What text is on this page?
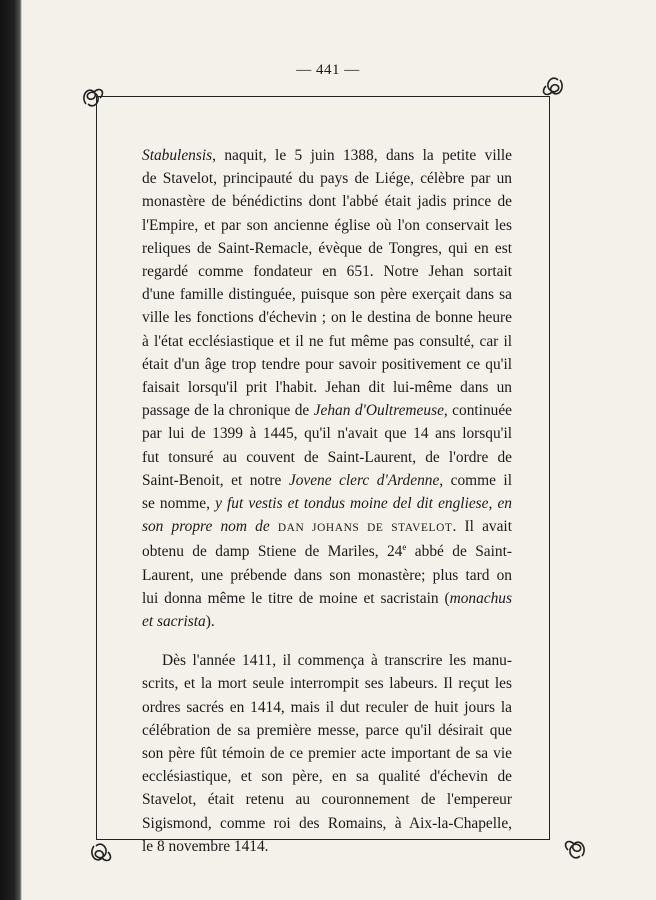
— 441 —
Stabulensis, naquit, le 5 juin 1388, dans la petite ville
de Stavelot, principauté du pays de Liége, célèbre par un
monastère de bénédictins dont l'abbé était jadis prince de
l'Empire, et par son ancienne église où l'on conservait les
reliques de Saint-Remacle, évèque de Tongres, qui en est
regardé comme fondateur en 651. Notre Jehan sortait
d'une famille distinguée, puisque son père exerçait dans sa
ville les fonctions d'échevin ; on le destina de bonne heure
à l'état ecclésiastique et il ne fut même pas consulté, car il
était d'un âge trop tendre pour savoir positivement ce qu'il
faisait lorsqu'il prit l'habit. Jehan dit lui-même dans un
passage de la chronique de Jehan d'Oultremeuse, continuée
par lui de 1399 à 1445, qu'il n'avait que 14 ans lorsqu'il
fut tonsuré au couvent de Saint-Laurent, de l'ordre de
Saint-Benoit, et notre Jovene clerc d'Ardenne, comme il
se nomme, y fut vestis et tondus moine del dit engliese, en
son propre nom de DAN JOHANS DE STAVELOT. Il avait
obtenu de damp Stiene de Mariles, 24e abbé de Saint-
Laurent, une prébende dans son monastère; plus tard on
lui donna même le titre de moine et sacristain (monachus
et sacrista).
Dès l'année 1411, il commença à transcrire les manu-
scrits, et la mort seule interrompit ses labeurs. Il reçut les
ordres sacrés en 1414, mais il dut reculer de huit jours la
célébration de sa première messe, parce qu'il désirait que
son père fût témoin de ce premier acte important de sa vie
ecclésiastique, et son père, en sa qualité d'échevin de
Stavelot, était retenu au couronnement de l'empereur
Sigismond, comme roi des Romains, à Aix-la-Chapelle,
le 8 novembre 1414.
